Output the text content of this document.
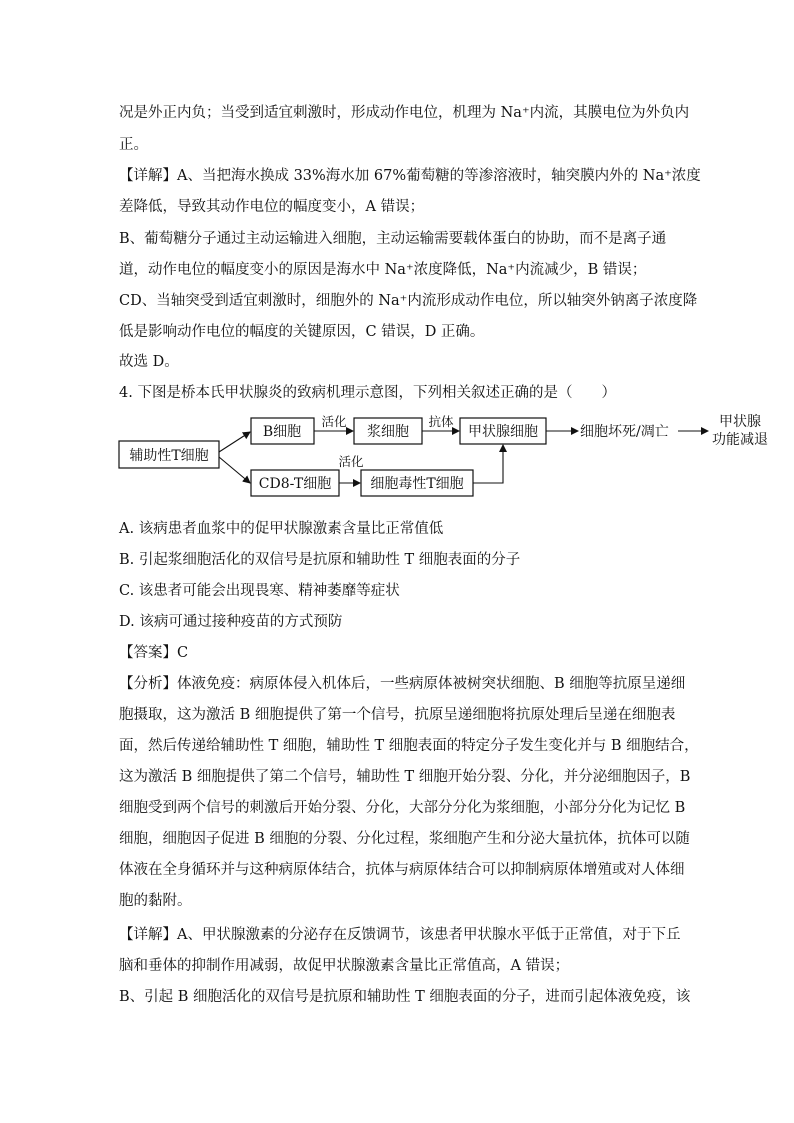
况是外正内负；当受到适宜刺激时，形成动作电位，机理为 Na⁺内流，其膜电位为外负内
正。
【详解】A、当把海水换成 33%海水加 67%葡萄糖的等渗溶液时，轴突膜内外的 Na⁺浓度
差降低，导致其动作电位的幅度变小，A 错误；
B、葡萄糖分子通过主动运输进入细胞，主动运输需要载体蛋白的协助，而不是离子通
道，动作电位的幅度变小的原因是海水中 Na⁺浓度降低，Na⁺内流减少，B 错误；
CD、当轴突受到适宜刺激时，细胞外的 Na⁺内流形成动作电位，所以轴突外钠离子浓度降
低是影响动作电位的幅度的关键原因，C 错误，D 正确。
故选 D。
4. 下图是桥本氏甲状腺炎的致病机理示意图，下列相关叙述正确的是（　　）
辅助性T细胞
B细胞	浆细胞	甲状腺细胞
CD8-T细胞	细胞毒性T细胞
活化	抗体
活化
细胞坏死/凋亡
甲状腺
功能减退
A. 该病患者血浆中的促甲状腺激素含量比正常值低
B. 引起浆细胞活化的双信号是抗原和辅助性 T 细胞表面的分子
C. 该患者可能会出现畏寒、精神萎靡等症状
D. 该病可通过接种疫苗的方式预防
【答案】C
【分析】体液免疫：病原体侵入机体后，一些病原体被树突状细胞、B 细胞等抗原呈递细
胞摄取，这为激活 B 细胞提供了第一个信号，抗原呈递细胞将抗原处理后呈递在细胞表
面，然后传递给辅助性 T 细胞，辅助性 T 细胞表面的特定分子发生变化并与 B 细胞结合，
这为激活 B 细胞提供了第二个信号，辅助性 T 细胞开始分裂、分化，并分泌细胞因子，B
细胞受到两个信号的刺激后开始分裂、分化，大部分分化为浆细胞，小部分分化为记忆 B
细胞，细胞因子促进 B 细胞的分裂、分化过程，浆细胞产生和分泌大量抗体，抗体可以随
体液在全身循环并与这种病原体结合，抗体与病原体结合可以抑制病原体增殖或对人体细
胞的黏附。
【详解】A、甲状腺激素的分泌存在反馈调节，该患者甲状腺水平低于正常值，对于下丘
脑和垂体的抑制作用减弱，故促甲状腺激素含量比正常值高，A 错误；
B、引起 B 细胞活化的双信号是抗原和辅助性 T 细胞表面的分子，进而引起体液免疫，该
